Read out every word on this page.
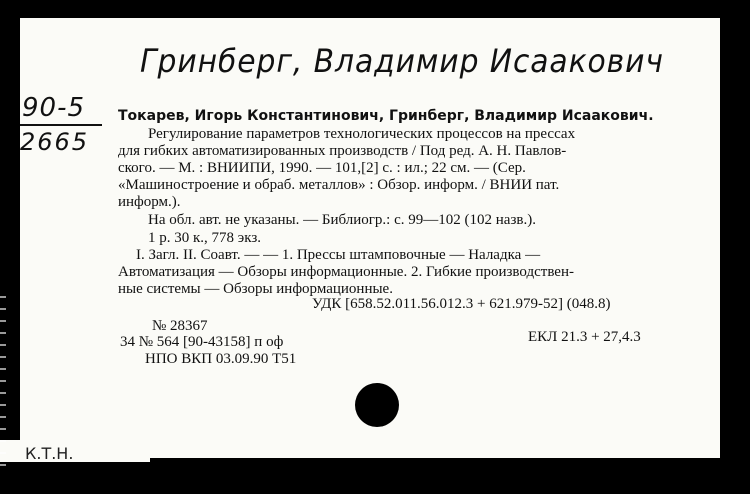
Гринберг, Владимир Исаакович
90-5
2665
Токарев, Игорь Константинович, Гринберг, Владимир Исаакович.
Регулирование параметров технологических процессов на прессах
для гибких автоматизированных производств / Под ред. А. Н. Павлов-
ского. — М. : ВНИИПИ, 1990. — 101,[2] с. : ил.; 22 см. — (Сер.
«Машиностроение и обраб. металлов» : Обзор. информ. / ВНИИ пат.
информ.).
На обл. авт. не указаны. — Библиогр.: с. 99—102 (102 назв.).
1 р. 30 к., 778 экз.
I. Загл. II. Соавт. — — 1. Прессы штамповочные — Наладка —
Автоматизация — Обзоры информационные. 2. Гибкие производствен-
ные системы — Обзоры информационные.
УДК [658.52.011.56.012.3 + 621.979-52] (048.8)
№ 28367
34 № 564 [90-43158] п оф
НПО ВКП 03.09.90 Т51
ЕКЛ 21.3 + 27,4.3
К.Т.Н.
